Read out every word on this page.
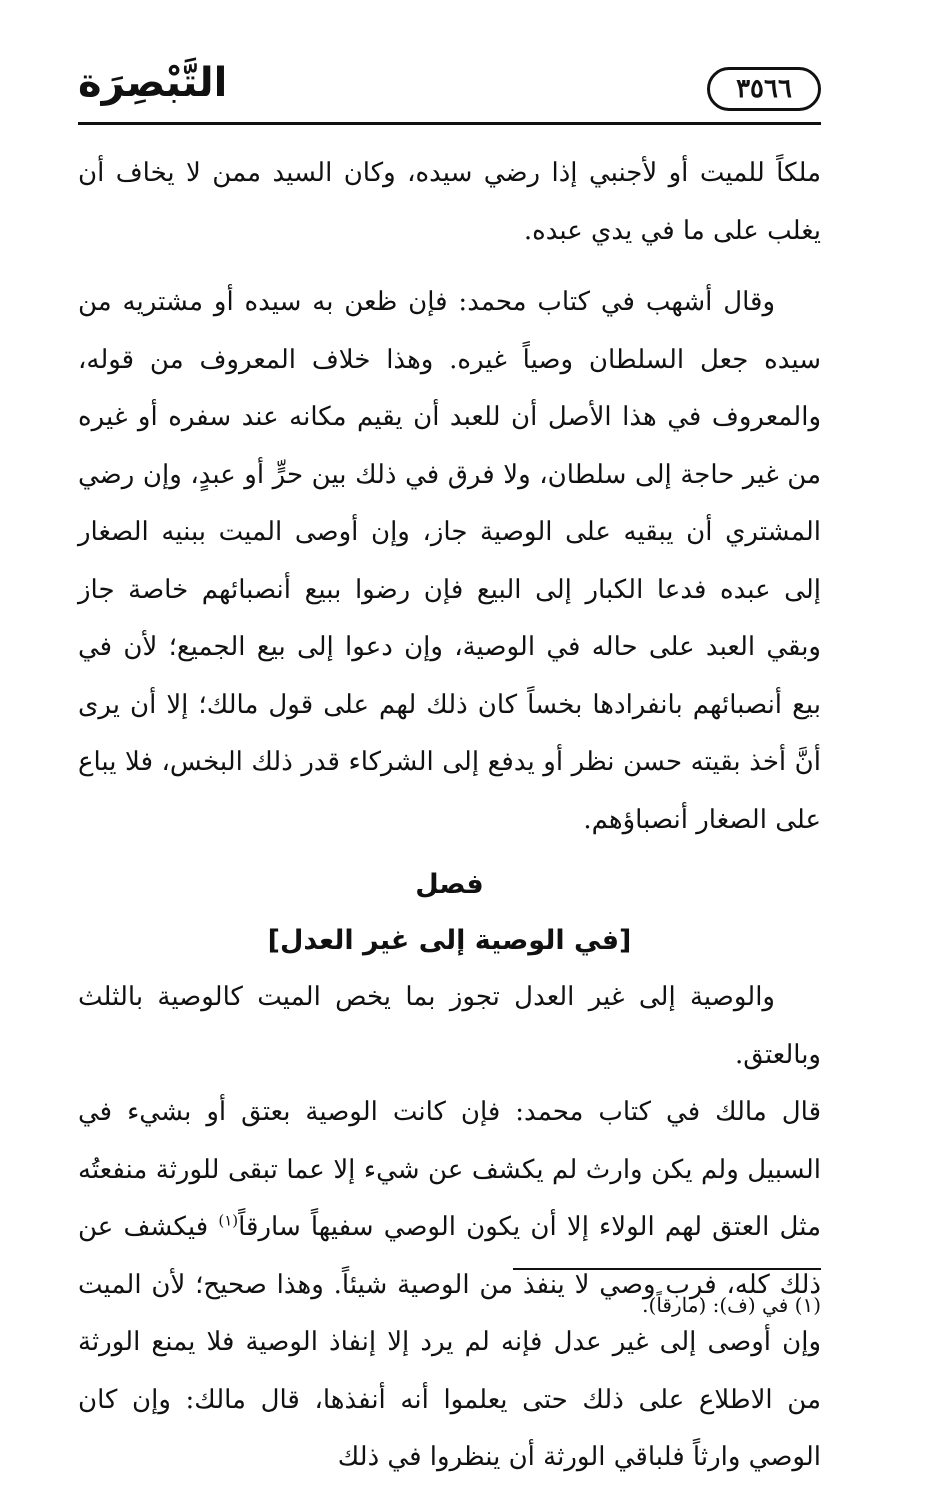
٣٥٦٦
التَّبْصِرَة

ملكاً للميت أو لأجنبي إذا رضي سيده، وكان السيد ممن لا يخاف أن يغلب على ما في يدي عبده.

وقال أشهب في كتاب محمد: فإن ظعن به سيده أو مشتريه من سيده جعل السلطان وصياً غيره. وهذا خلاف المعروف من قوله، والمعروف في هذا الأصل أن للعبد أن يقيم مكانه عند سفره أو غيره من غير حاجة إلى سلطان، ولا فرق في ذلك بين حرٍّ أو عبدٍ، وإن رضي المشتري أن يبقيه على الوصية جاز، وإن أوصى الميت ببنيه الصغار إلى عبده فدعا الكبار إلى البيع فإن رضوا ببيع أنصبائهم خاصة جاز وبقي العبد على حاله في الوصية، وإن دعوا إلى بيع الجميع؛ لأن في بيع أنصبائهم بانفرادها بخساً كان ذلك لهم على قول مالك؛ إلا أن يرى أنَّ أخذ بقيته حسن نظر أو يدفع إلى الشركاء قدر ذلك البخس، فلا يباع على الصغار أنصباؤهم.

فصل
[في الوصية إلى غير العدل]

والوصية إلى غير العدل تجوز بما يخص الميت كالوصية بالثلث وبالعتق.

قال مالك في كتاب محمد: فإن كانت الوصية بعتق أو بشيء في السبيل ولم يكن وارث لم يكشف عن شيء إلا عما تبقى للورثة منفعتُه مثل العتق لهم الولاء إلا أن يكون الوصي سفيهاً سارقاً$^{(١)}$ فيكشف عن ذلك كله، فرب وصي لا ينفذ من الوصية شيئاً. وهذا صحيح؛ لأن الميت وإن أوصى إلى غير عدل فإنه لم يرد إلا إنفاذ الوصية فلا يمنع الورثة من الاطلاع على ذلك حتى يعلموا أنه أنفذها، قال مالك: وإن كان الوصي وارثاً فلباقي الورثة أن ينظروا في ذلك

(١) في (ف): (مارقاً).
